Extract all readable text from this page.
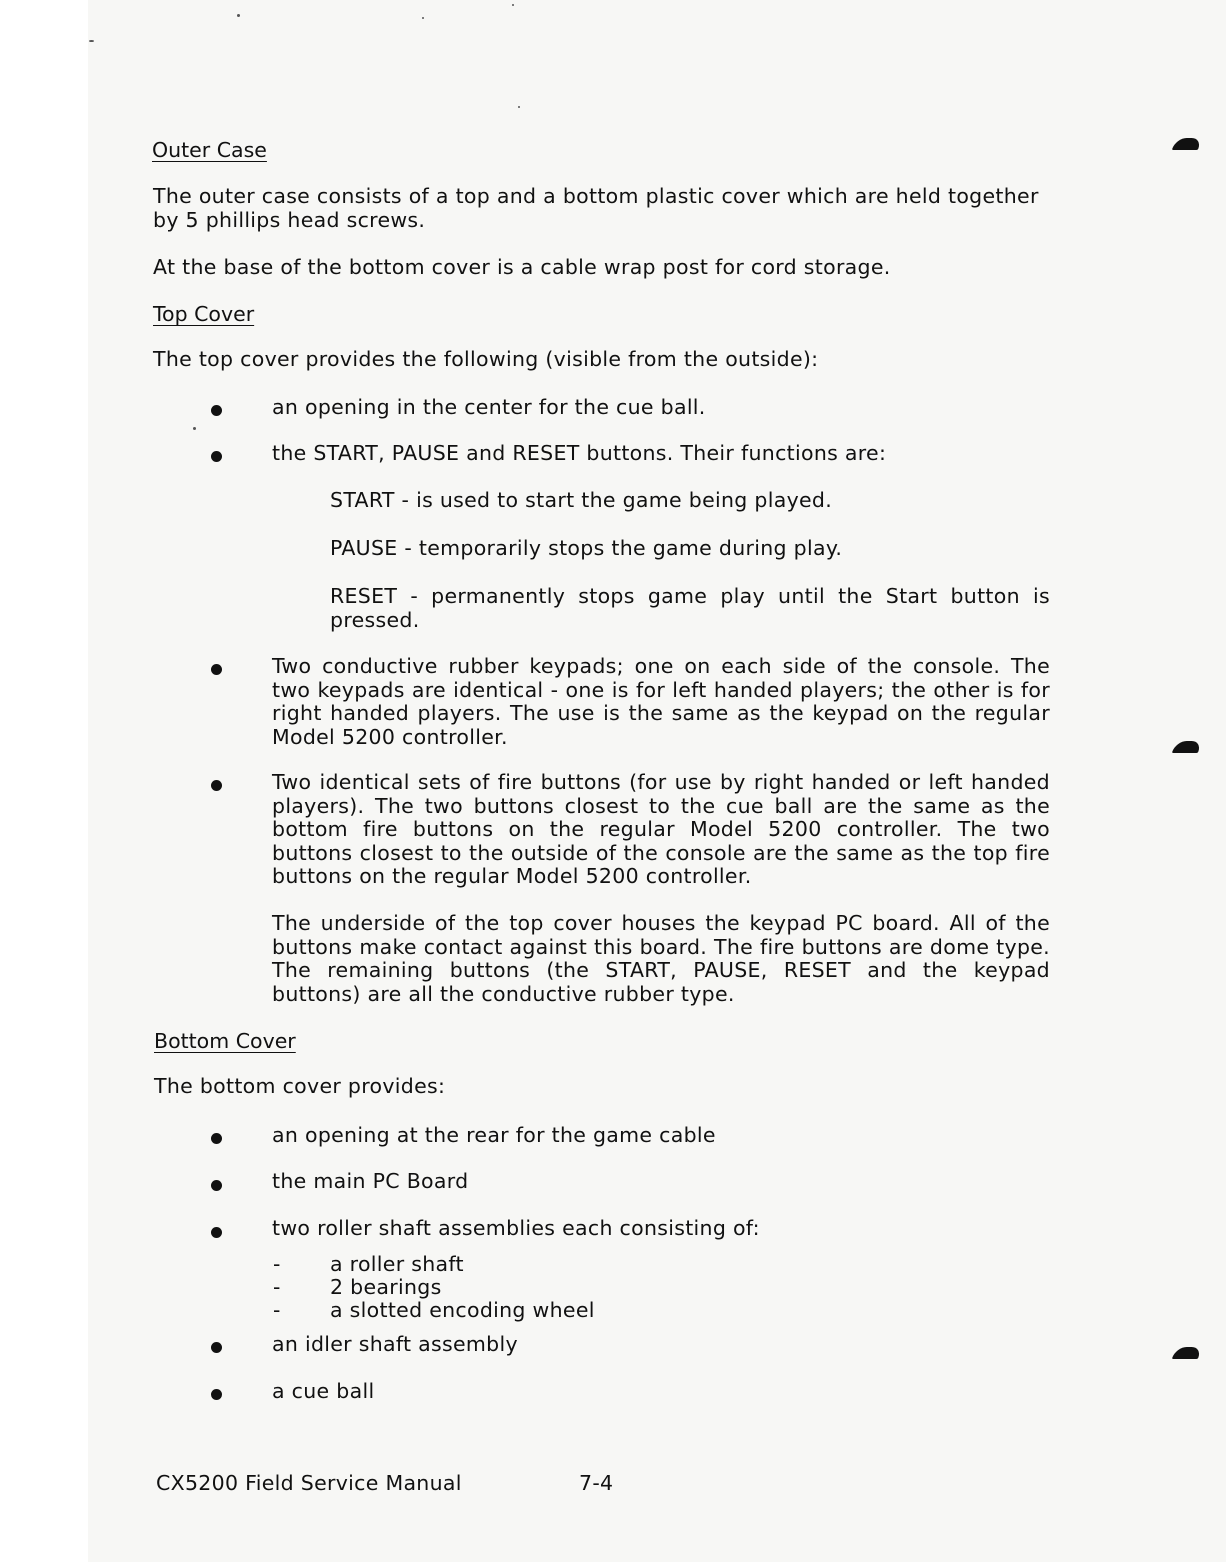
Outer Case

The outer case consists of a top and a bottom plastic cover which are held together by 5 phillips head screws.

At the base of the bottom cover is a cable wrap post for cord storage.

Top Cover

The top cover provides the following (visible from the outside):

an opening in the center for the cue ball.

the START, PAUSE and RESET buttons. Their functions are:

START - is used to start the game being played.

PAUSE - temporarily stops the game during play.

RESET - permanently stops game play until the Start button is pressed.

Two conductive rubber keypads; one on each side of the console. The two keypads are identical - one is for left handed players; the other is for right handed players. The use is the same as the keypad on the regular Model 5200 controller.

Two identical sets of fire buttons (for use by right handed or left handed players). The two buttons closest to the cue ball are the same as the bottom fire buttons on the regular Model 5200 controller. The two buttons closest to the outside of the console are the same as the top fire buttons on the regular Model 5200 controller.

The underside of the top cover houses the keypad PC board. All of the buttons make contact against this board. The fire buttons are dome type. The remaining buttons (the START, PAUSE, RESET and the keypad buttons) are all the conductive rubber type.

Bottom Cover

The bottom cover provides:

an opening at the rear for the game cable

the main PC Board

two roller shaft assemblies each consisting of:

- a roller shaft

- 2 bearings

- a slotted encoding wheel

an idler shaft assembly

a cue ball

CX5200 Field Service Manual	7-4
